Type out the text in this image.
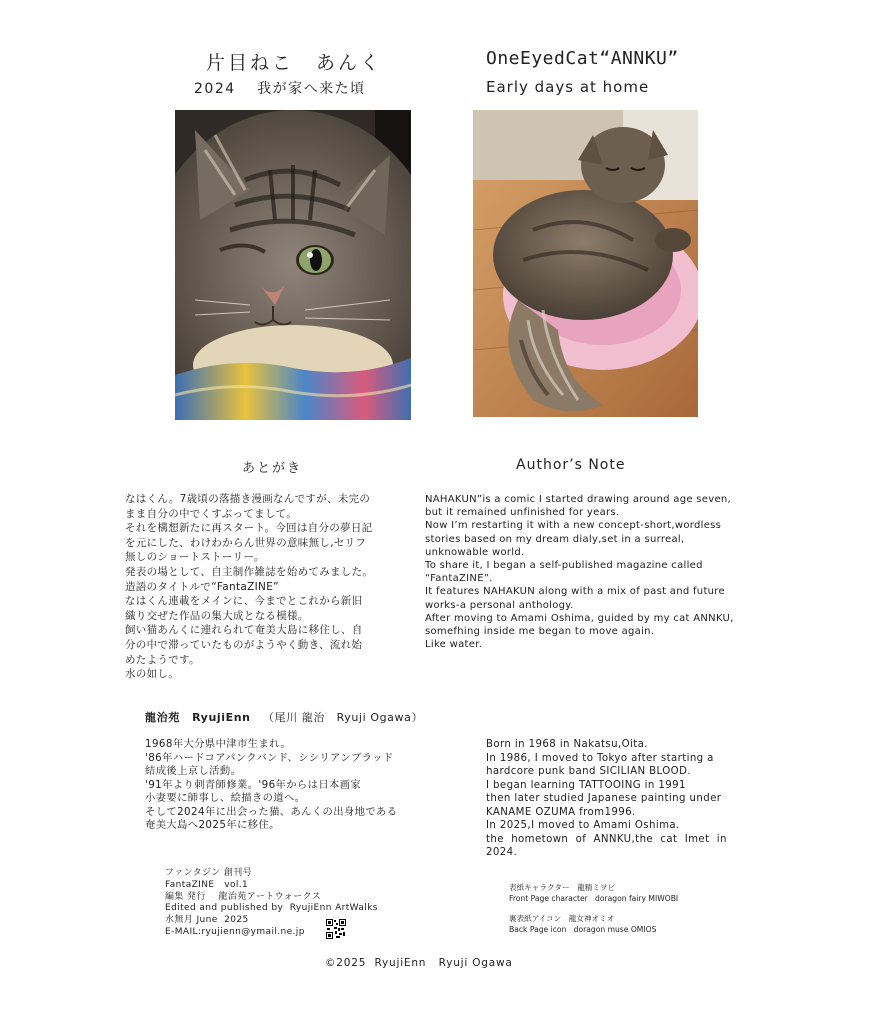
片目ねこ　あんく	OneEyedCat“ANNKU”
2024　 我が家へ来た頃	Early days at home
あとがき	Author’s Note
なはくん。7歳頃の落描き漫画なんですが、未完の
まま自分の中でくすぶってまして。
それを構想新たに再スタート。今回は自分の夢日記
を元にした、わけわからん世界の意味無し,セリフ
無しのショートストーリー。
発表の場として、自主制作雑誌を始めてみました。
造語のタイトルで“FantaZINE”
なはくん連載をメインに、今までとこれから新旧
織り交ぜた作品の集大成となる模様。
飼い猫あんくに連れられて奄美大島に移住し、自
分の中で滞っていたものがようやく動き、流れ始
めたようです。
水の如し。
NAHAKUN”is a comic I started drawing around age seven,
but it remained unfinished for years.
Now I’m restarting it with a new concept-short,wordless
stories based on my dream dialy,set in a surreal,
unknowable world.
To share it, I began a self-published magazine called
“FantaZINE”.
It features NAHAKUN along with a mix of past and future
works-a personal anthology.
After moving to Amami Oshima, guided by my cat ANNKU,
somefhing inside me began to move again.
Like water.
龍治苑 RyujiEnn （尾川 龍治　Ryuji Ogawa）
1968年大分県中津市生まれ。
'86年ハードコアパンクバンド、シシリアンブラッド
結成後上京し活動。
'91年より刺青師修業。'96年からは日本画家
小妻要に師事し、絵描きの道へ。
そして2024年に出会った猫、あんくの出身地である
奄美大島へ2025年に移住。
Born in 1968 in Nakatsu,Oita.
In 1986, I moved to Tokyo after starting a
hardcore punk band SICILIAN BLOOD.
I began learning TATTOOING in 1991
then later studied Japanese painting under
KANAME OZUMA from1996.
In 2025,I moved to Amami Oshima.
the  hometown  of  ANNKU,the  cat  Imet  in
2024.
ファンタジン 創刊号
FantaZINE   vol.1
編集 発行　 龍治苑アートウォークス
Edited and published by  RyujiEnn ArtWalks
水無月 June  2025
E-MAIL:ryujienn@ymail.ne.jp
表紙キャラクター　龍精ミヲビ
Front Page character   doragon fairy MIWOBI
裏表紙アイコン　龍女神オミオ
Back Page icon   doragon muse OMIOS
©2025  RyujiEnn   Ryuji Ogawa
